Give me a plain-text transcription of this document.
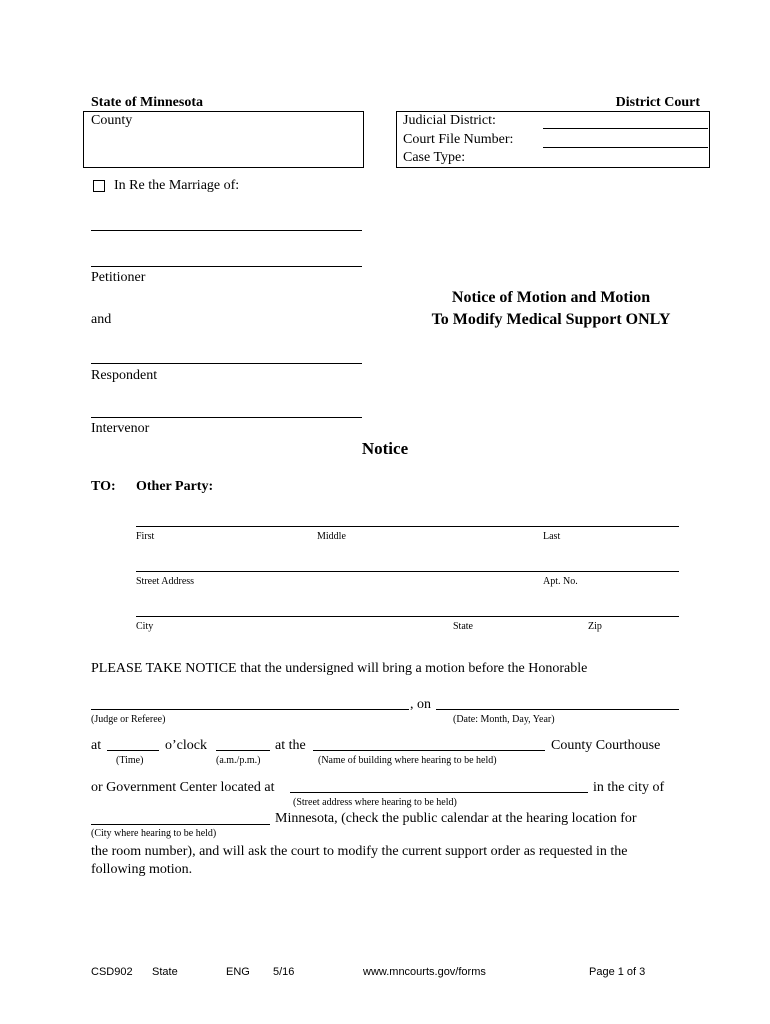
State of Minnesota	District Court
County	Judicial District:
Court File Number:
Case Type:
In Re the Marriage of:
Petitioner
and
Respondent
Intervenor
Notice of Motion and Motion
To Modify Medical Support ONLY
Notice
TO: Other Party:
First	Middle	Last
Street Address	Apt. No.
City	State	Zip
PLEASE TAKE NOTICE that the undersigned will bring a motion before the Honorable
, on
(Judge or Referee)	(Date: Month, Day, Year)
at	o’clock	at the	County Courthouse
(Time)	(a.m./p.m.)	(Name of building where hearing to be held)
or Government Center located at	in the city of
(Street address where hearing to be held)
Minnesota, (check the public calendar at the hearing location for
(City where hearing to be held)
the room number), and will ask the court to modify the current support order as requested in the
following motion.
CSD902 State	ENG 5/16	www.mncourts.gov/forms	Page 1 of 3
